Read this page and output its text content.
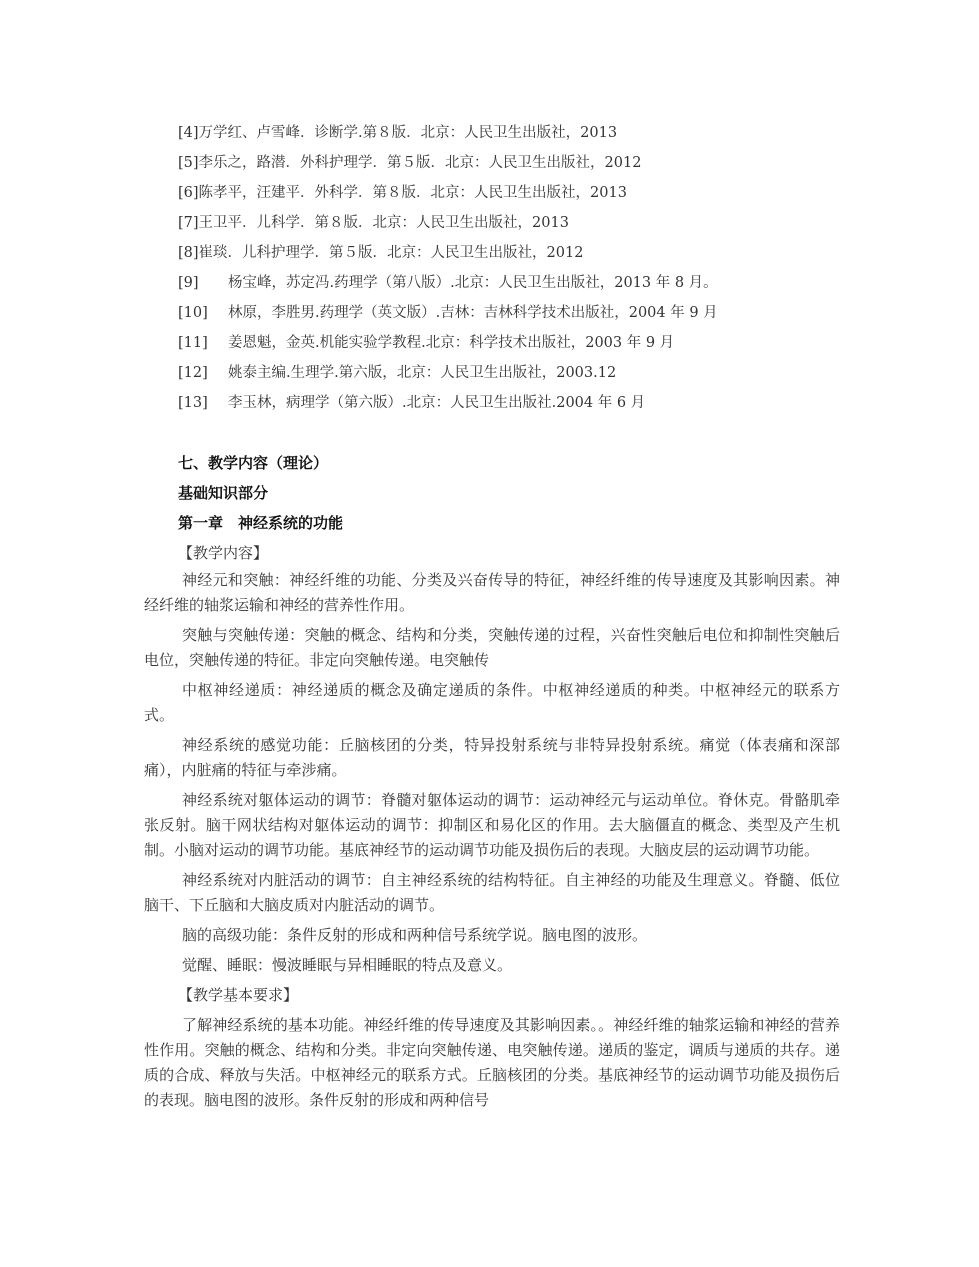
[4]万学红、卢雪峰．诊断学.第８版．北京：人民卫生出版社，2013
[5]李乐之，路潜．外科护理学．第５版．北京：人民卫生出版社，2012
[6]陈孝平，汪建平．外科学．第８版．北京：人民卫生出版社，2013
[7]王卫平．儿科学．第８版．北京：人民卫生出版社，2013
[8]崔琰．儿科护理学．第５版．北京：人民卫生出版社，2012
[9] 杨宝峰，苏定冯.药理学（第八版）.北京：人民卫生出版社，2013 年 8 月。
[10] 林原，李胜男.药理学（英文版）.吉林：吉林科学技术出版社，2004 年 9 月
[11] 姜恩魁，金英.机能实验学教程.北京：科学技术出版社，2003 年 9 月
[12] 姚泰主编.生理学.第六版，北京：人民卫生出版社，2003.12
[13] 李玉林，病理学（第六版）.北京：人民卫生出版社.2004 年 6 月
七、教学内容（理论）
基础知识部分
第一章　神经系统的功能
【教学内容】

神经元和突触：神经纤维的功能、分类及兴奋传导的特征，神经纤维的传导速度及其影响因素。神经纤维的轴浆运输和神经的营养性作用。

突触与突触传递：突触的概念、结构和分类，突触传递的过程，兴奋性突触后电位和抑制性突触后电位，突触传递的特征。非定向突触传递。电突触传

中枢神经递质：神经递质的概念及确定递质的条件。中枢神经递质的种类。中枢神经元的联系方式。

神经系统的感觉功能：丘脑核团的分类，特异投射系统与非特异投射系统。痛觉（体表痛和深部痛），内脏痛的特征与牵涉痛。

神经系统对躯体运动的调节：脊髓对躯体运动的调节：运动神经元与运动单位。脊休克。骨骼肌牵张反射。脑干网状结构对躯体运动的调节：抑制区和易化区的作用。去大脑僵直的概念、类型及产生机制。小脑对运动的调节功能。基底神经节的运动调节功能及损伤后的表现。大脑皮层的运动调节功能。

神经系统对内脏活动的调节：自主神经系统的结构特征。自主神经的功能及生理意义。脊髓、低位脑干、下丘脑和大脑皮质对内脏活动的调节。

脑的高级功能：条件反射的形成和两种信号系统学说。脑电图的波形。

觉醒、睡眠：慢波睡眠与异相睡眠的特点及意义。

【教学基本要求】

了解神经系统的基本功能。神经纤维的传导速度及其影响因素。。神经纤维的轴浆运输和神经的营养性作用。突触的概念、结构和分类。非定向突触传递、电突触传递。递质的鉴定，调质与递质的共存。递质的合成、释放与失活。中枢神经元的联系方式。丘脑核团的分类。基底神经节的运动调节功能及损伤后的表现。脑电图的波形。条件反射的形成和两种信号
